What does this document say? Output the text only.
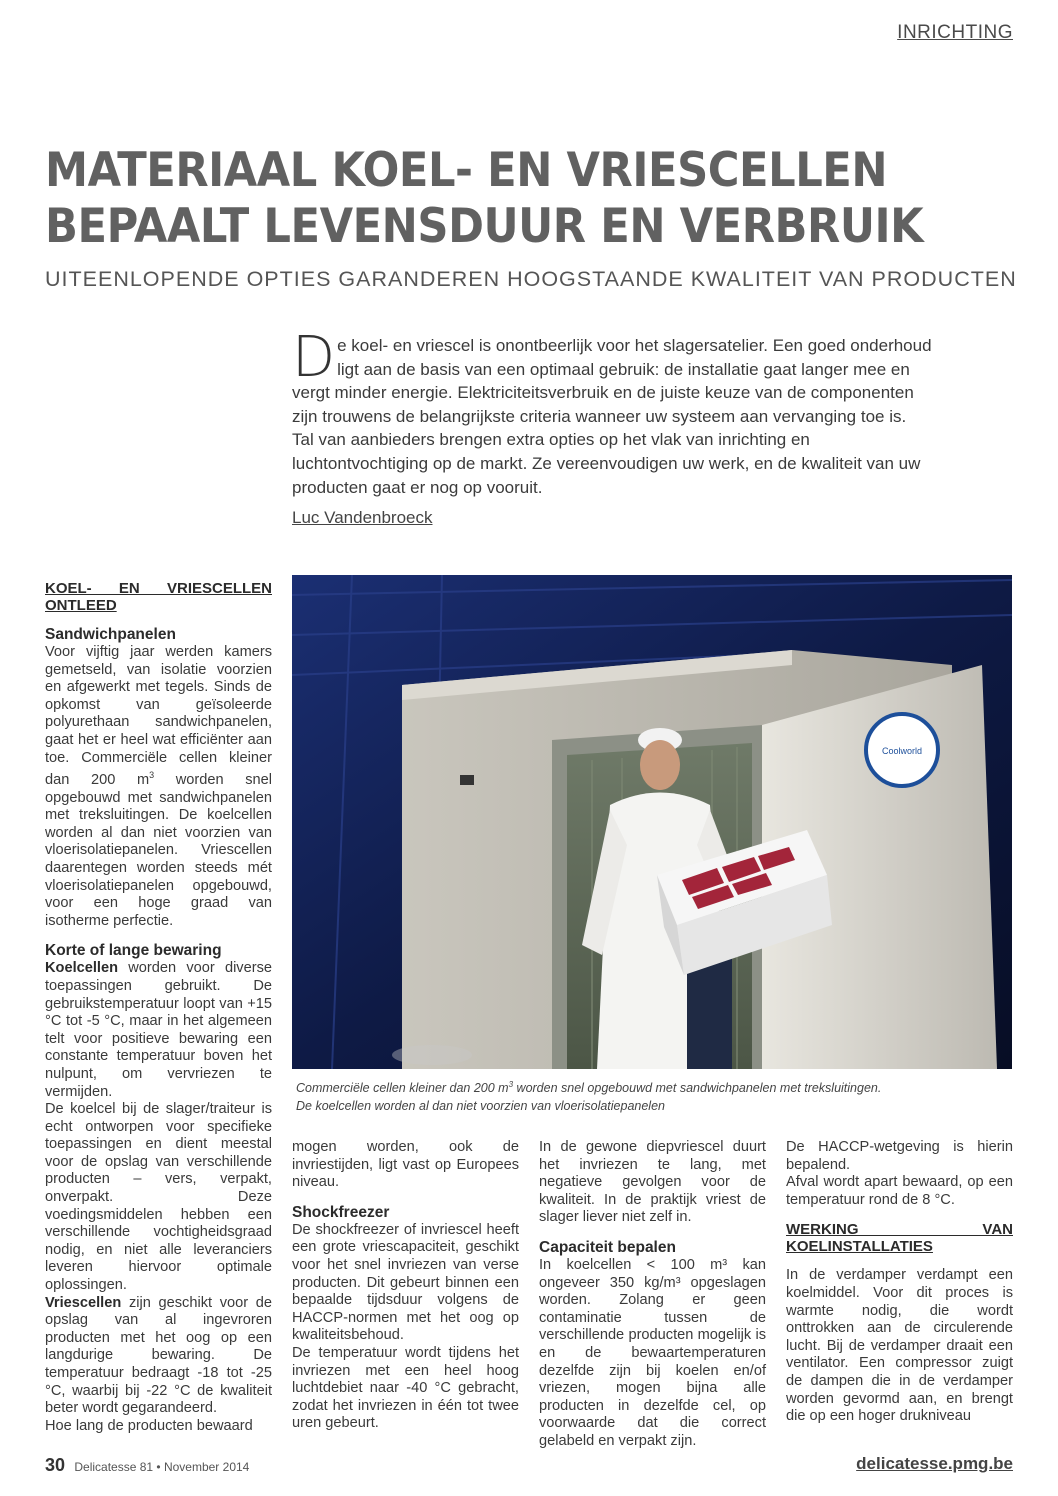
INRICHTING
MATERIAAL KOEL- EN VRIESCELLEN
BEPAALT LEVENSDUUR EN VERBRUIK
UITEENLOPENDE OPTIES GARANDEREN HOOGSTAANDE KWALITEIT VAN PRODUCTEN
De koel- en vriescel is onontbeerlijk voor het slagersatelier. Een goed onderhoud ligt aan de basis van een optimaal gebruik: de installatie gaat langer mee en vergt minder energie. Elektriciteitsverbruik en de juiste keuze van de componenten zijn trouwens de belangrijkste criteria wanneer uw systeem aan vervanging toe is. Tal van aanbieders brengen extra opties op het vlak van inrichting en luchtontvochtiging op de markt. Ze vereenvoudigen uw werk, en de kwaliteit van uw producten gaat er nog op vooruit.
Luc Vandenbroeck
KOEL- EN VRIESCELLEN ONTLEED
Sandwichpanelen

Voor vijftig jaar werden kamers gemetseld, van isolatie voorzien en afgewerkt met tegels. Sinds de opkomst van geïsoleerde polyurethaan sandwichpanelen, gaat het er heel wat efficiënter aan toe. Commerciële cellen kleiner dan 200 $m^3$ worden snel opgebouwd met sandwichpanelen met treksluitingen. De koelcellen worden al dan niet voorzien van vloerisolatiepanelen. Vriescellen daarentegen worden steeds mét vloerisolatiepanelen opgebouwd, voor een hoge graad van isotherme perfectie.

Korte of lange bewaring

Koelcellen worden voor diverse toepassingen gebruikt. De gebruikstemperatuur loopt van +15 °C tot -5 °C, maar in het algemeen telt voor positieve bewaring een constante temperatuur boven het nulpunt, om vervriezen te vermijden.

De koelcel bij de slager/traiteur is echt ontworpen voor specifieke toepassingen en dient meestal voor de opslag van verschillende producten – vers, verpakt, onverpakt. Deze voedingsmiddelen hebben een verschillende vochtigheidsgraad nodig, en niet alle leveranciers leveren hiervoor optimale oplossingen.

Vriescellen zijn geschikt voor de opslag van al ingevroren producten met het oog op een langdurige bewaring. De temperatuur bedraagt -18 tot -25 °C, waarbij bij -22 °C de kwaliteit beter wordt gegarandeerd.

Hoe lang de producten bewaard

Coolworld
Commerciële cellen kleiner dan 200 $m^3$ worden snel opgebouwd met sandwichpanelen met treksluitingen.
De koelcellen worden al dan niet voorzien van vloerisolatiepanelen

mogen worden, ook de invriestijden, ligt vast op Europees niveau.

Shockfreezer

De shockfreezer of invriescel heeft een grote vriescapaciteit, geschikt voor het snel invriezen van verse producten. Dit gebeurt binnen een bepaalde tijdsduur volgens de HACCP-normen met het oog op kwaliteitsbehoud.

De temperatuur wordt tijdens het invriezen met een heel hoog luchtdebiet naar -40 °C gebracht, zodat het invriezen in één tot twee uren gebeurt.

In de gewone diepvriescel duurt het invriezen te lang, met negatieve gevolgen voor de kwaliteit. In de praktijk vriest de slager liever niet zelf in.

Capaciteit bepalen

In koelcellen < 100 m³ kan ongeveer 350 kg/m³ opgeslagen worden. Zolang er geen contaminatie tussen de verschillende producten mogelijk is en de bewaartemperaturen dezelfde zijn bij koelen en/of vriezen, mogen bijna alle producten in dezelfde cel, op voorwaarde dat die correct gelabeld en verpakt zijn.

De HACCP-wetgeving is hierin bepalend.

Afval wordt apart bewaard, op een temperatuur rond de 8 °C.

WERKING VAN KOELINSTALLATIES

In de verdamper verdampt een koelmiddel. Voor dit proces is warmte nodig, die wordt onttrokken aan de circulerende lucht. Bij de verdamper draait een ventilator. Een compressor zuigt de dampen die in de verdamper worden gevormd aan, en brengt die op een hoger drukniveau

30 Delicatesse 81 • November 2014	delicatesse.pmg.be
